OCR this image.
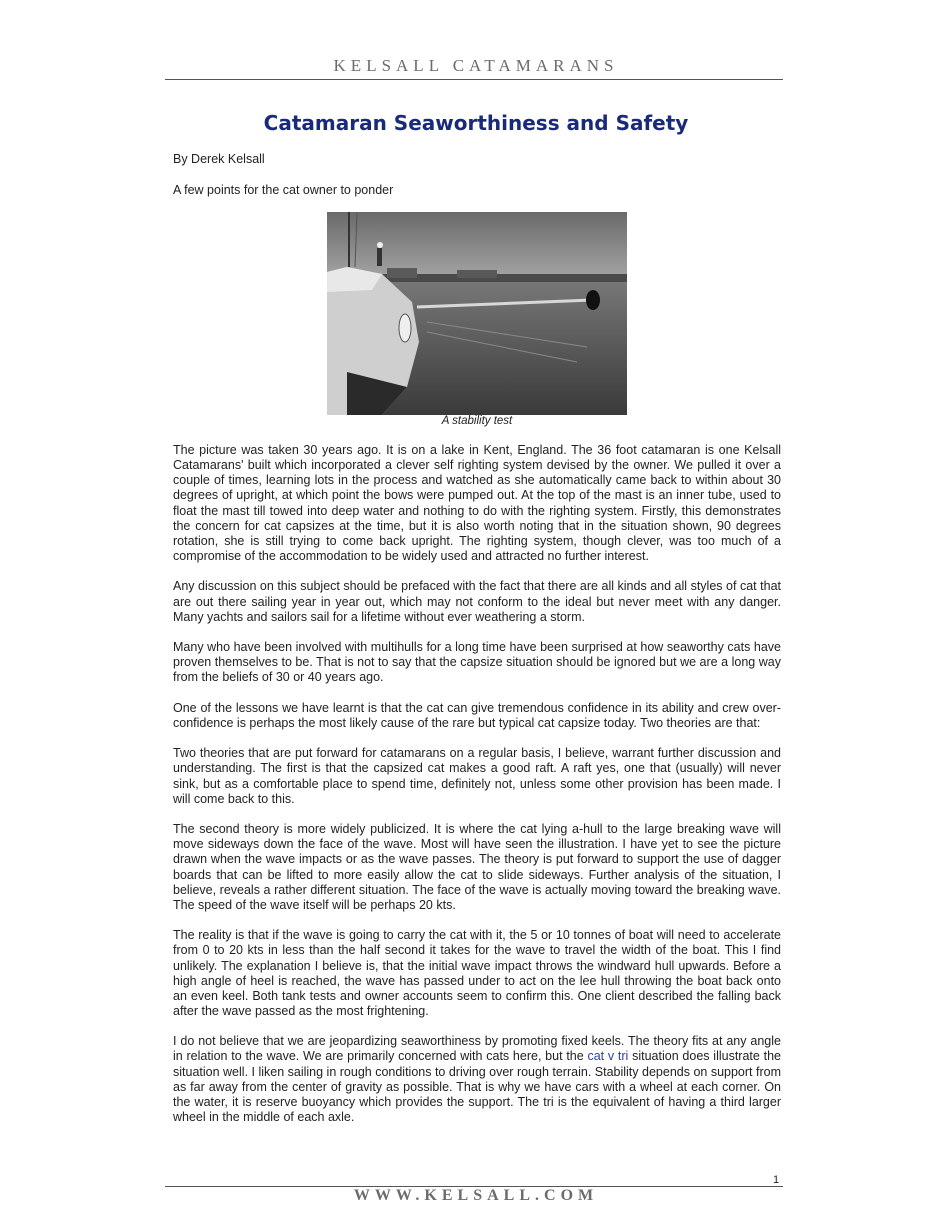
KELSALL CATAMARANS
Catamaran Seaworthiness and Safety
By Derek Kelsall
A few points for the cat owner to ponder
A stability test

The picture was taken 30 years ago. It is on a lake in Kent, England. The 36 foot catamaran is one Kelsall Catamarans' built which incorporated a clever self righting system devised by the owner. We pulled it over a couple of times, learning lots in the process and watched as she automatically came back to within about 30 degrees of upright, at which point the bows were pumped out. At the top of the mast is an inner tube, used to float the mast till towed into deep water and nothing to do with the righting system. Firstly, this demonstrates the concern for cat capsizes at the time, but it is also worth noting that in the situation shown, 90 degrees rotation, she is still trying to come back upright. The righting system, though clever, was too much of a compromise of the accommodation to be widely used and attracted no further interest.

Any discussion on this subject should be prefaced with the fact that there are all kinds and all styles of cat that are out there sailing year in year out, which may not conform to the ideal but never meet with any danger. Many yachts and sailors sail for a lifetime without ever weathering a storm.

Many who have been involved with multihulls for a long time have been surprised at how seaworthy cats have proven themselves to be. That is not to say that the capsize situation should be ignored but we are a long way from the beliefs of 30 or 40 years ago.

One of the lessons we have learnt is that the cat can give tremendous confidence in its ability and crew over-confidence is perhaps the most likely cause of the rare but typical cat capsize today. Two theories are that:

Two theories that are put forward for catamarans on a regular basis, I believe, warrant further discussion and understanding. The first is that the capsized cat makes a good raft. A raft yes, one that (usually) will never sink, but as a comfortable place to spend time, definitely not, unless some other provision has been made. I will come back to this.

The second theory is more widely publicized. It is where the cat lying a-hull to the large breaking wave will move sideways down the face of the wave. Most will have seen the illustration. I have yet to see the picture drawn when the wave impacts or as the wave passes. The theory is put forward to support the use of dagger boards that can be lifted to more easily allow the cat to slide sideways. Further analysis of the situation, I believe, reveals a rather different situation. The face of the wave is actually moving toward the breaking wave. The speed of the wave itself will be perhaps 20 kts.

The reality is that if the wave is going to carry the cat with it, the 5 or 10 tonnes of boat will need to accelerate from 0 to 20 kts in less than the half second it takes for the wave to travel the width of the boat. This I find unlikely. The explanation I believe is, that the initial wave impact throws the windward hull upwards. Before a high angle of heel is reached, the wave has passed under to act on the lee hull throwing the boat back onto an even keel. Both tank tests and owner accounts seem to confirm this. One client described the falling back after the wave passed as the most frightening.

I do not believe that we are jeopardizing seaworthiness by promoting fixed keels. The theory fits at any angle in relation to the wave. We are primarily concerned with cats here, but the cat v tri situation does illustrate the situation well. I liken sailing in rough conditions to driving over rough terrain. Stability depends on support from as far away from the center of gravity as possible. That is why we have cars with a wheel at each corner. On the water, it is reserve buoyancy which provides the support. The tri is the equivalent of having a third larger wheel in the middle of each axle.

1
WWW.KELSALL.COM
